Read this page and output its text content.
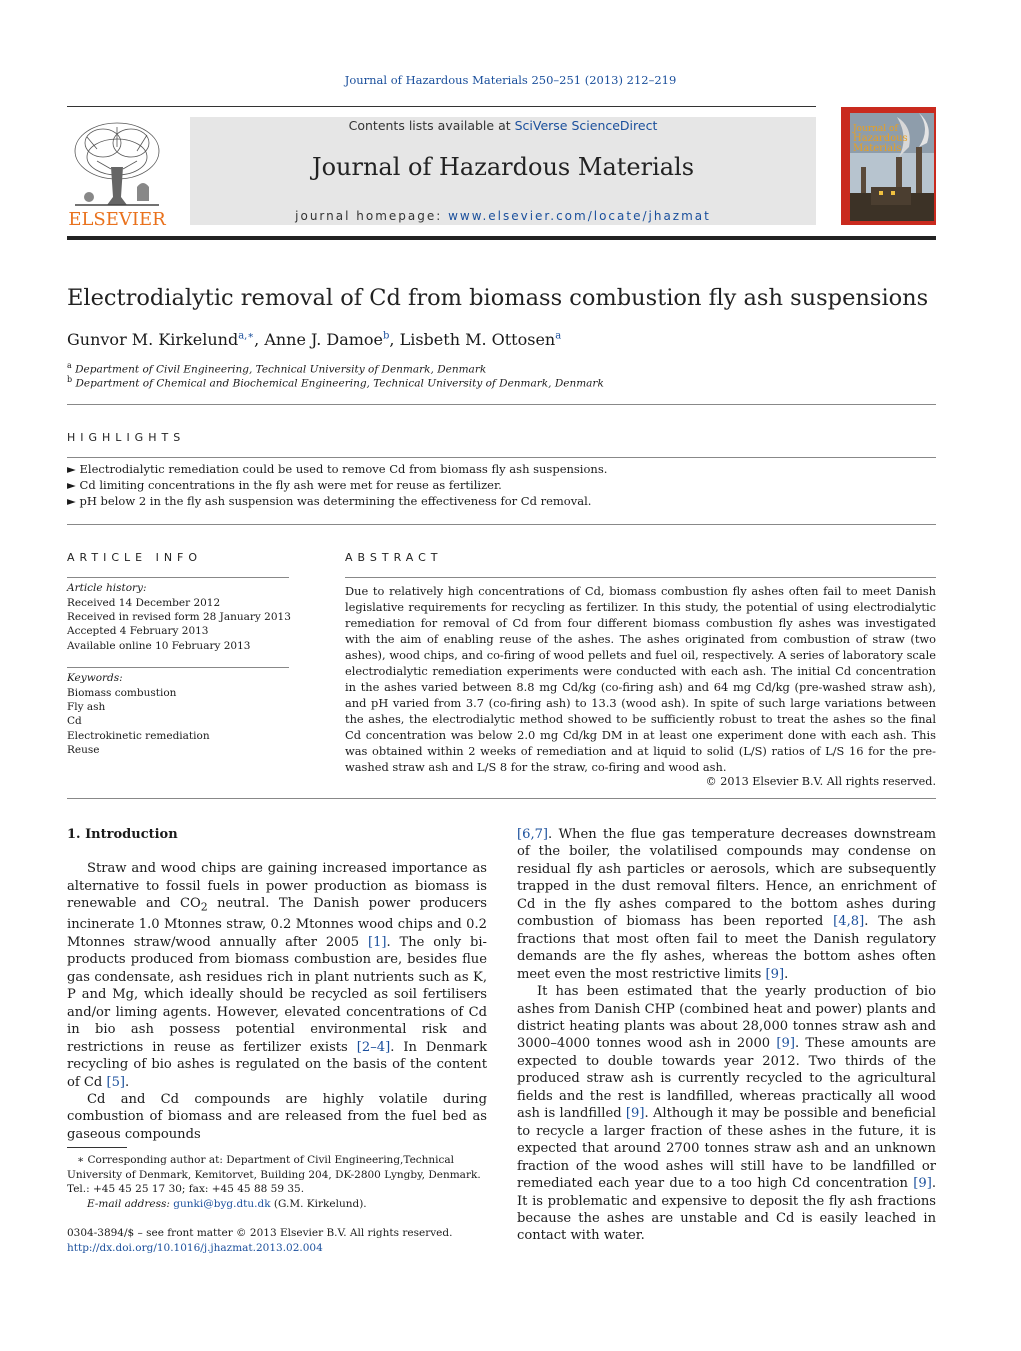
Journal of Hazardous Materials 250–251 (2013) 212–219
ELSEVIER
Contents lists available at SciVerse ScienceDirect
Journal of Hazardous Materials
journal homepage: www.elsevier.com/locate/jhazmat
Journal of
Hazardous
Materials
Electrodialytic removal of Cd from biomass combustion fly ash suspensions
Gunvor M. Kirkelund$^{a,∗}$, Anne J. Damoe$^b$, Lisbeth M. Ottosen$^a$
$^a$ Department of Civil Engineering, Technical University of Denmark, Denmark
$^b$ Department of Chemical and Biochemical Engineering, Technical University of Denmark, Denmark
HIGHLIGHTS
► Electrodialytic remediation could be used to remove Cd from biomass fly ash suspensions.
► Cd limiting concentrations in the fly ash were met for reuse as fertilizer.
► pH below 2 in the fly ash suspension was determining the effectiveness for Cd removal.
ARTICLE INFO
Article history:
Received 14 December 2012
Received in revised form 28 January 2013
Accepted 4 February 2013
Available online 10 February 2013
Keywords:
Biomass combustion
Fly ash
Cd
Electrokinetic remediation
Reuse
ABSTRACT
Due to relatively high concentrations of Cd, biomass combustion fly ashes often fail to meet Danish legislative requirements for recycling as fertilizer. In this study, the potential of using electrodialytic remediation for removal of Cd from four different biomass combustion fly ashes was investigated with the aim of enabling reuse of the ashes. The ashes originated from combustion of straw (two ashes), wood chips, and co-firing of wood pellets and fuel oil, respectively. A series of laboratory scale electrodialytic remediation experiments were conducted with each ash. The initial Cd concentration in the ashes varied between 8.8 mg Cd/kg (co-firing ash) and 64 mg Cd/kg (pre-washed straw ash), and pH varied from 3.7 (co-firing ash) to 13.3 (wood ash). In spite of such large variations between the ashes, the electrodialytic method showed to be sufficiently robust to treat the ashes so the final Cd concentration was below 2.0 mg Cd/kg DM in at least one experiment done with each ash. This was obtained within 2 weeks of remediation and at liquid to solid (L/S) ratios of L/S 16 for the pre-washed straw ash and L/S 8 for the straw, co-firing and wood ash.
© 2013 Elsevier B.V. All rights reserved.

1. Introduction

Straw and wood chips are gaining increased importance as alternative to fossil fuels in power production as biomass is renewable and $CO_2$ neutral. The Danish power producers incinerate 1.0 Mtonnes straw, 0.2 Mtonnes wood chips and 0.2 Mtonnes straw/wood annually after 2005 [1]. The only bi-products produced from biomass combustion are, besides flue gas condensate, ash residues rich in plant nutrients such as K, P and Mg, which ideally should be recycled as soil fertilisers and/or liming agents. However, elevated concentrations of Cd in bio ash possess potential environmental risk and restrictions in reuse as fertilizer exists [2–4]. In Denmark recycling of bio ashes is regulated on the basis of the content of Cd [5].

Cd and Cd compounds are highly volatile during combustion of biomass and are released from the fuel bed as gaseous compounds

[6,7]. When the flue gas temperature decreases downstream of the boiler, the volatilised compounds may condense on residual fly ash particles or aerosols, which are subsequently trapped in the dust removal filters. Hence, an enrichment of Cd in the fly ashes compared to the bottom ashes during combustion of biomass has been reported [4,8]. The ash fractions that most often fail to meet the Danish regulatory demands are the fly ashes, whereas the bottom ashes often meet even the most restrictive limits [9].

It has been estimated that the yearly production of bio ashes from Danish CHP (combined heat and power) plants and district heating plants was about 28,000 tonnes straw ash and 3000–4000 tonnes wood ash in 2000 [9]. These amounts are expected to double towards year 2012. Two thirds of the produced straw ash is currently recycled to the agricultural fields and the rest is landfilled, whereas practically all wood ash is landfilled [9]. Although it may be possible and beneficial to recycle a larger fraction of these ashes in the future, it is expected that around 2700 tonnes straw ash and an unknown fraction of the wood ashes will still have to be landfilled or remediated each year due to a too high Cd concentration [9]. It is problematic and expensive to deposit the fly ash fractions because the ashes are unstable and Cd is easily leached in contact with water.

∗ Corresponding author at: Department of Civil Engineering,Technical University of Denmark, Kemitorvet, Building 204, DK-2800 Lyngby, Denmark.

Tel.: +45 45 25 17 30; fax: +45 45 88 59 35.

E-mail address: gunki@byg.dtu.dk (G.M. Kirkelund).

0304-3894/$ – see front matter © 2013 Elsevier B.V. All rights reserved.
http://dx.doi.org/10.1016/j.jhazmat.2013.02.004
